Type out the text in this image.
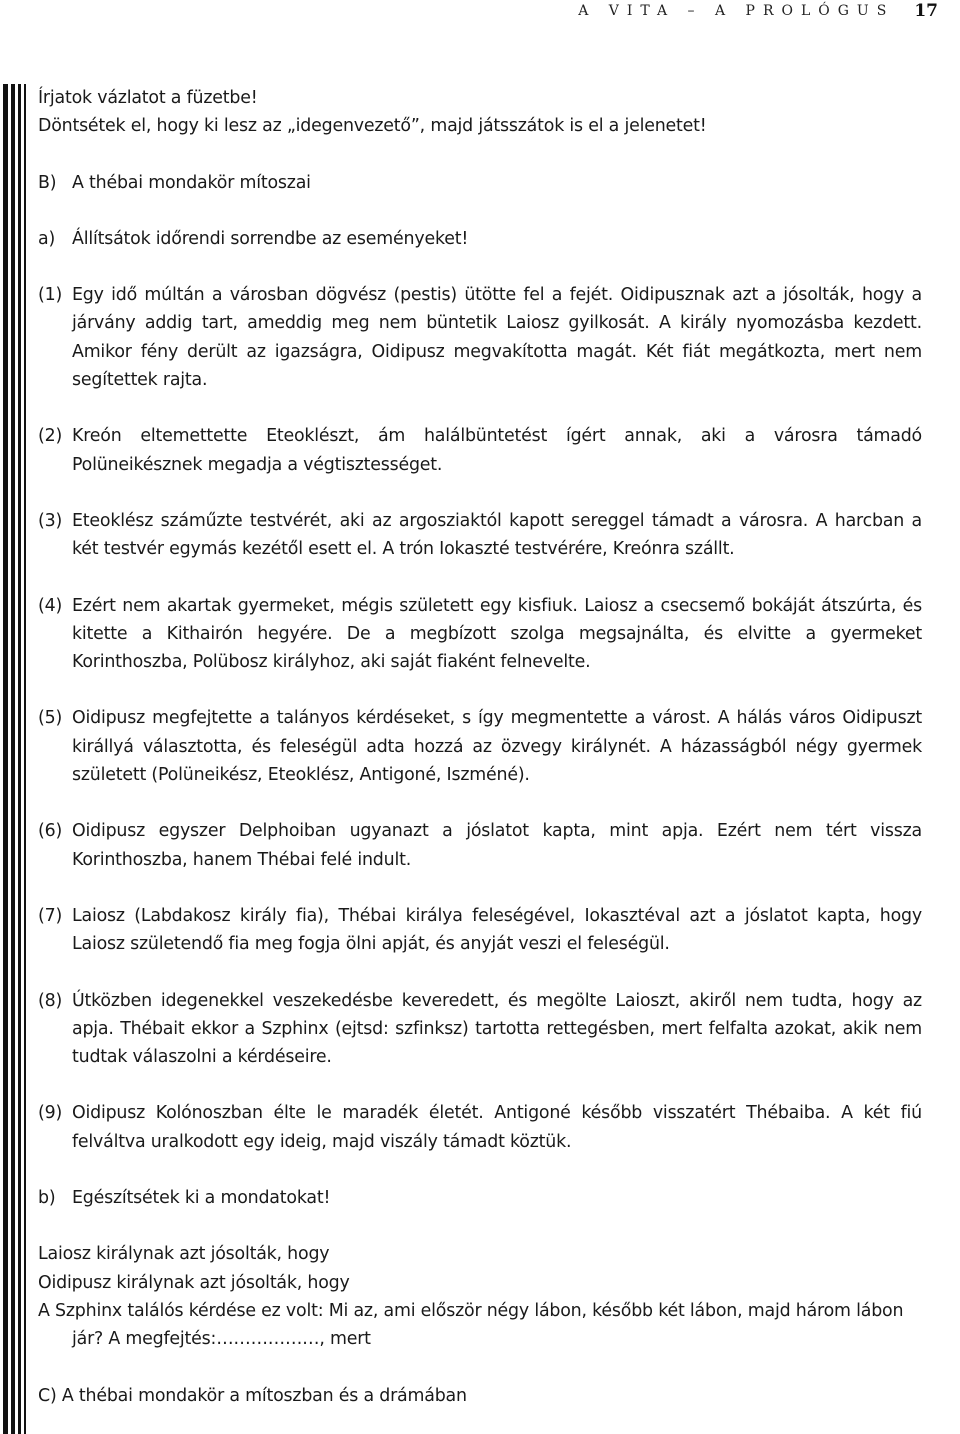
A VITA – A PROLÓGUS 17

Írjatok vázlatot a füzetbe!

Döntsétek el, hogy ki lesz az „idegenvezető”, majd játsszátok is el a jelenetet!

B) A thébai mondakör mítoszai
a) Állítsátok időrendi sorrendbe az eseményeket!
(1) Egy idő múltán a városban dögvész (pestis) ütötte fel a fejét. Oidipusznak azt a jósolták, hogy a járvány addig tart, ameddig meg nem büntetik Laiosz gyilkosát. A király nyomozásba kezdett. Amikor fény derült az igazságra, Oidipusz megvakította magát. Két fiát megátkozta, mert nem segítettek rajta.
(2) Kreón eltemettette Eteoklészt, ám halálbüntetést ígért annak, aki a városra támadó Polüneikésznek megadja a végtisztességet.
(3) Eteoklész száműzte testvérét, aki az argosziaktól kapott sereggel támadt a városra. A harcban a két testvér egymás kezétől esett el. A trón Iokaszté testvérére, Kreónra szállt.
(4) Ezért nem akartak gyermeket, mégis született egy kisfiuk. Laiosz a csecsemő bokáját átszúrta, és kitette a Kithairón hegyére. De a megbízott szolga megsajnálta, és elvitte a gyermeket Korinthoszba, Polübosz királyhoz, aki saját fiaként felnevelte.
(5) Oidipusz megfejtette a talányos kérdéseket, s így megmentette a várost. A hálás város Oidipuszt királlyá választotta, és feleségül adta hozzá az özvegy királynét. A házasságból négy gyermek született (Polüneikész, Eteoklész, Antigoné, Iszméné).
(6) Oidipusz egyszer Delphoiban ugyanazt a jóslatot kapta, mint apja. Ezért nem tért vissza Korinthoszba, hanem Thébai felé indult.
(7) Laiosz (Labdakosz király fia), Thébai királya feleségével, Iokasztéval azt a jóslatot kapta, hogy Laiosz születendő fia meg fogja ölni apját, és anyját veszi el feleségül.
(8) Útközben idegenekkel veszekedésbe keveredett, és megölte Laioszt, akiről nem tudta, hogy az apja. Thébait ekkor a Szphinx (ejtsd: szfinksz) tartotta rettegésben, mert felfalta azokat, akik nem tudtak válaszolni a kérdéseire.
(9) Oidipusz Kolónoszban élte le maradék életét. Antigoné később visszatért Thébaiba. A két fiú felváltva uralkodott egy ideig, majd viszály támadt köztük.
b) Egészítsétek ki a mondatokat!

Laiosz királynak azt jósolták, hogy

Oidipusz királynak azt jósolták, hogy

A Szphinx találós kérdése ez volt: Mi az, ami először négy lábon, később két lábon, majd három lábon jár? A megfejtés:………………, mert

C) A thébai mondakör a mítoszban és a drámában
